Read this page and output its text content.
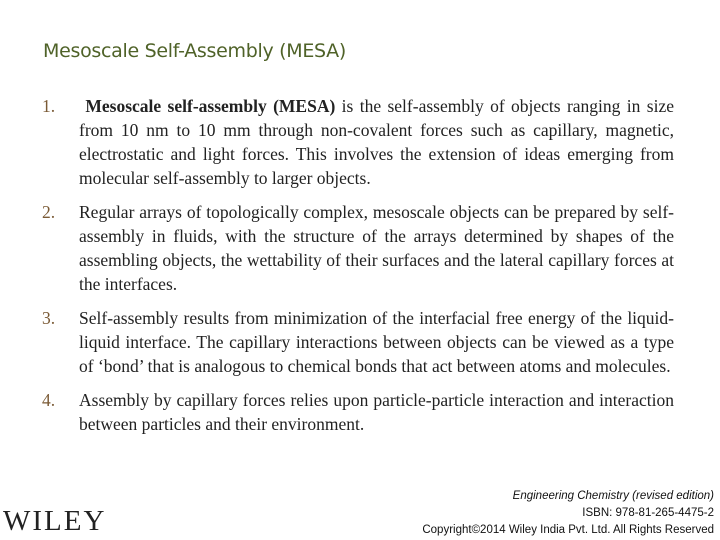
Mesoscale Self-Assembly (MESA)
1. Mesoscale self-assembly (MESA) is the self-assembly of objects ranging in size from 10 nm to 10 mm through non-covalent forces such as capillary, magnetic, electrostatic and light forces. This involves the extension of ideas emerging from molecular self-assembly to larger objects.
2. Regular arrays of topologically complex, mesoscale objects can be prepared by self-assembly in fluids, with the structure of the arrays determined by shapes of the assembling objects, the wettability of their surfaces and the lateral capillary forces at the interfaces.
3. Self-assembly results from minimization of the interfacial free energy of the liquid-liquid interface. The capillary interactions between objects can be viewed as a type of ‘bond’ that is analogous to chemical bonds that act between atoms and molecules.
4. Assembly by capillary forces relies upon particle-particle interaction and interaction between particles and their environment.
WILEY
Engineering Chemistry (revised edition)
ISBN: 978-81-265-4475-2
Copyright©2014 Wiley India Pvt. Ltd. All Rights Reserved
